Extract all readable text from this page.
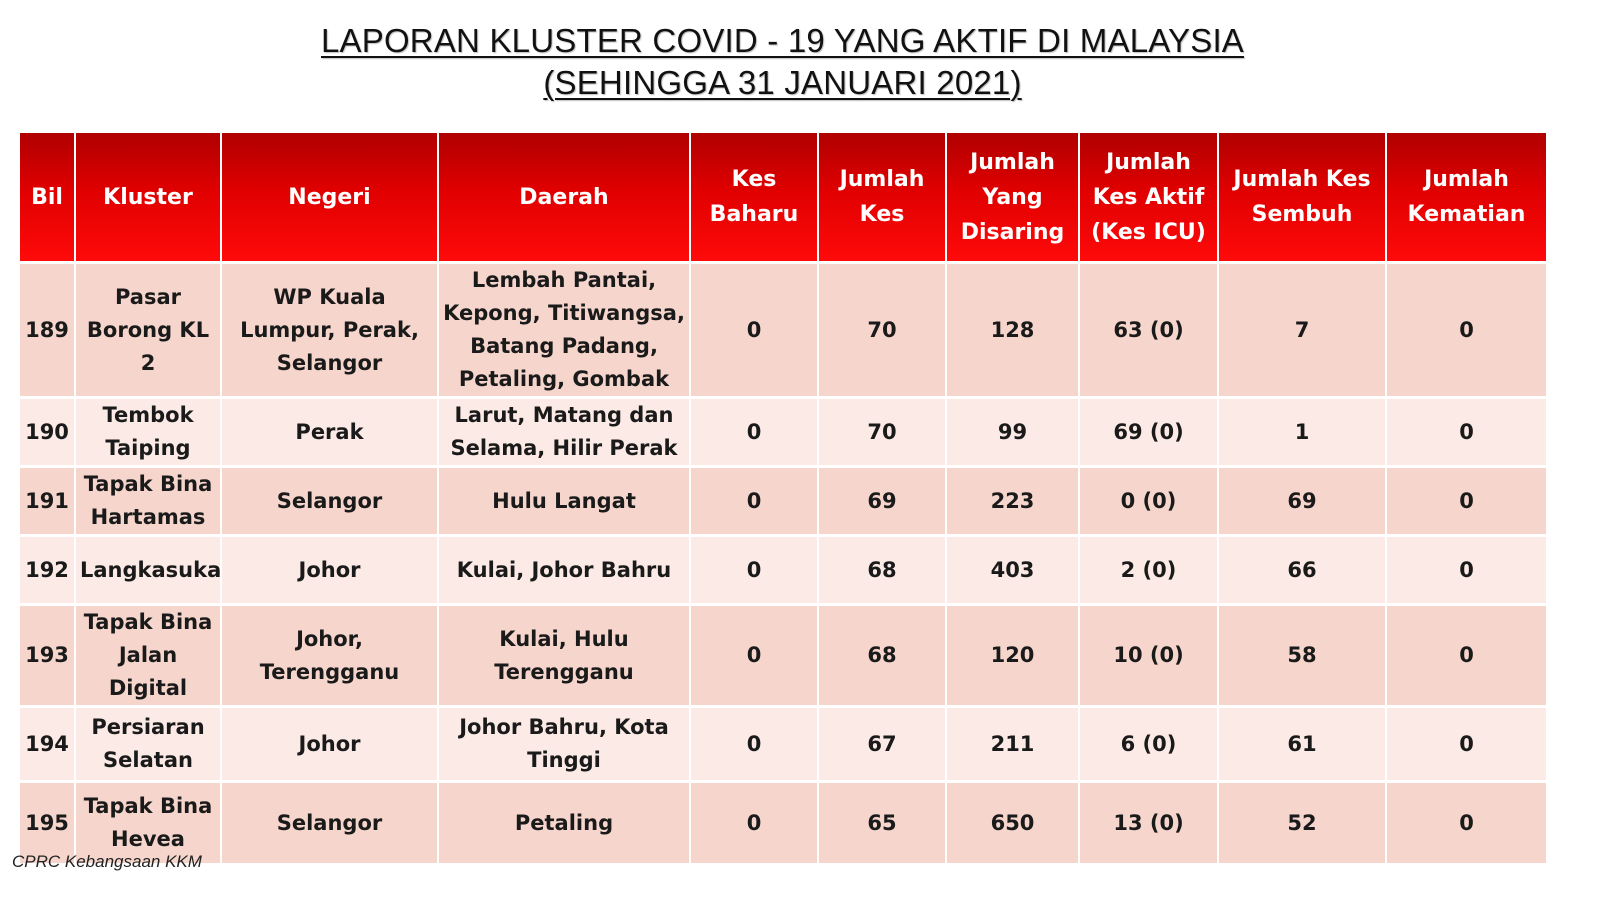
LAPORAN KLUSTER COVID - 19 YANG AKTIF DI MALAYSIA
(SEHINGGA 31 JANUARI 2021)
Bil	Kluster	Negeri	Daerah	Kes Baharu	Jumlah Kes	Jumlah Yang Disaring	Jumlah Kes Aktif (Kes ICU)	Jumlah Kes Sembuh	Jumlah Kematian
189	Pasar Borong KL 2	WP Kuala Lumpur, Perak, Selangor	Lembah Pantai, Kepong, Titiwangsa, Batang Padang, Petaling, Gombak	0	70	128	63 (0)	7	0
190	Tembok Taiping	Perak	Larut, Matang dan Selama, Hilir Perak	0	70	99	69 (0)	1	0
191	Tapak Bina Hartamas	Selangor	Hulu Langat	0	69	223	0 (0)	69	0
192	Langkasuka	Johor	Kulai, Johor Bahru	0	68	403	2 (0)	66	0
193	Tapak Bina Jalan Digital	Johor, Terengganu	Kulai, Hulu Terengganu	0	68	120	10 (0)	58	0
194	Persiaran Selatan	Johor	Johor Bahru, Kota Tinggi	0	67	211	6 (0)	61	0
195	Tapak Bina Hevea	Selangor	Petaling	0	65	650	13 (0)	52	0
CPRC Kebangsaan KKM
